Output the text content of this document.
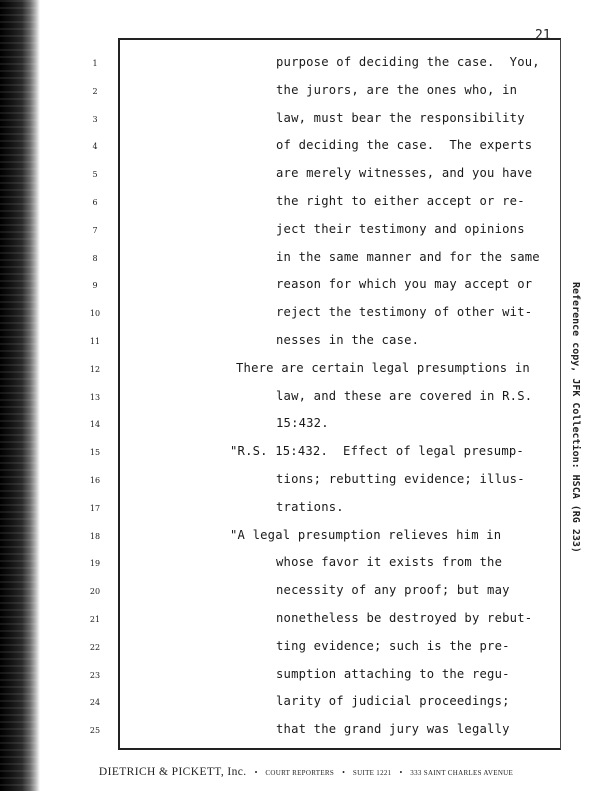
21
1	purpose of deciding the case.  You,
2	the jurors, are the ones who, in
3	law, must bear the responsibility
4	of deciding the case.  The experts
5	are merely witnesses, and you have
6	the right to either accept or re-
7	ject their testimony and opinions
8	in the same manner and for the same
9	reason for which you may accept or
10	reject the testimony of other wit-
11	nesses in the case.
12	There are certain legal presumptions in
13	law, and these are covered in R.S.
14	15:432.
15	"R.S. 15:432.  Effect of legal presump-
16	tions; rebutting evidence; illus-
17	trations.
18	"A legal presumption relieves him in
19	whose favor it exists from the
20	necessity of any proof; but may
21	nonetheless be destroyed by rebut-
22	ting evidence; such is the pre-
23	sumption attaching to the regu-
24	larity of judicial proceedings;
25	that the grand jury was legally
Reference copy, JFK Collection: HSCA (RG 233)
DIETRICH & PICKETT, Inc. • COURT REPORTERS • SUITE 1221 • 333 SAINT CHARLES AVENUE
